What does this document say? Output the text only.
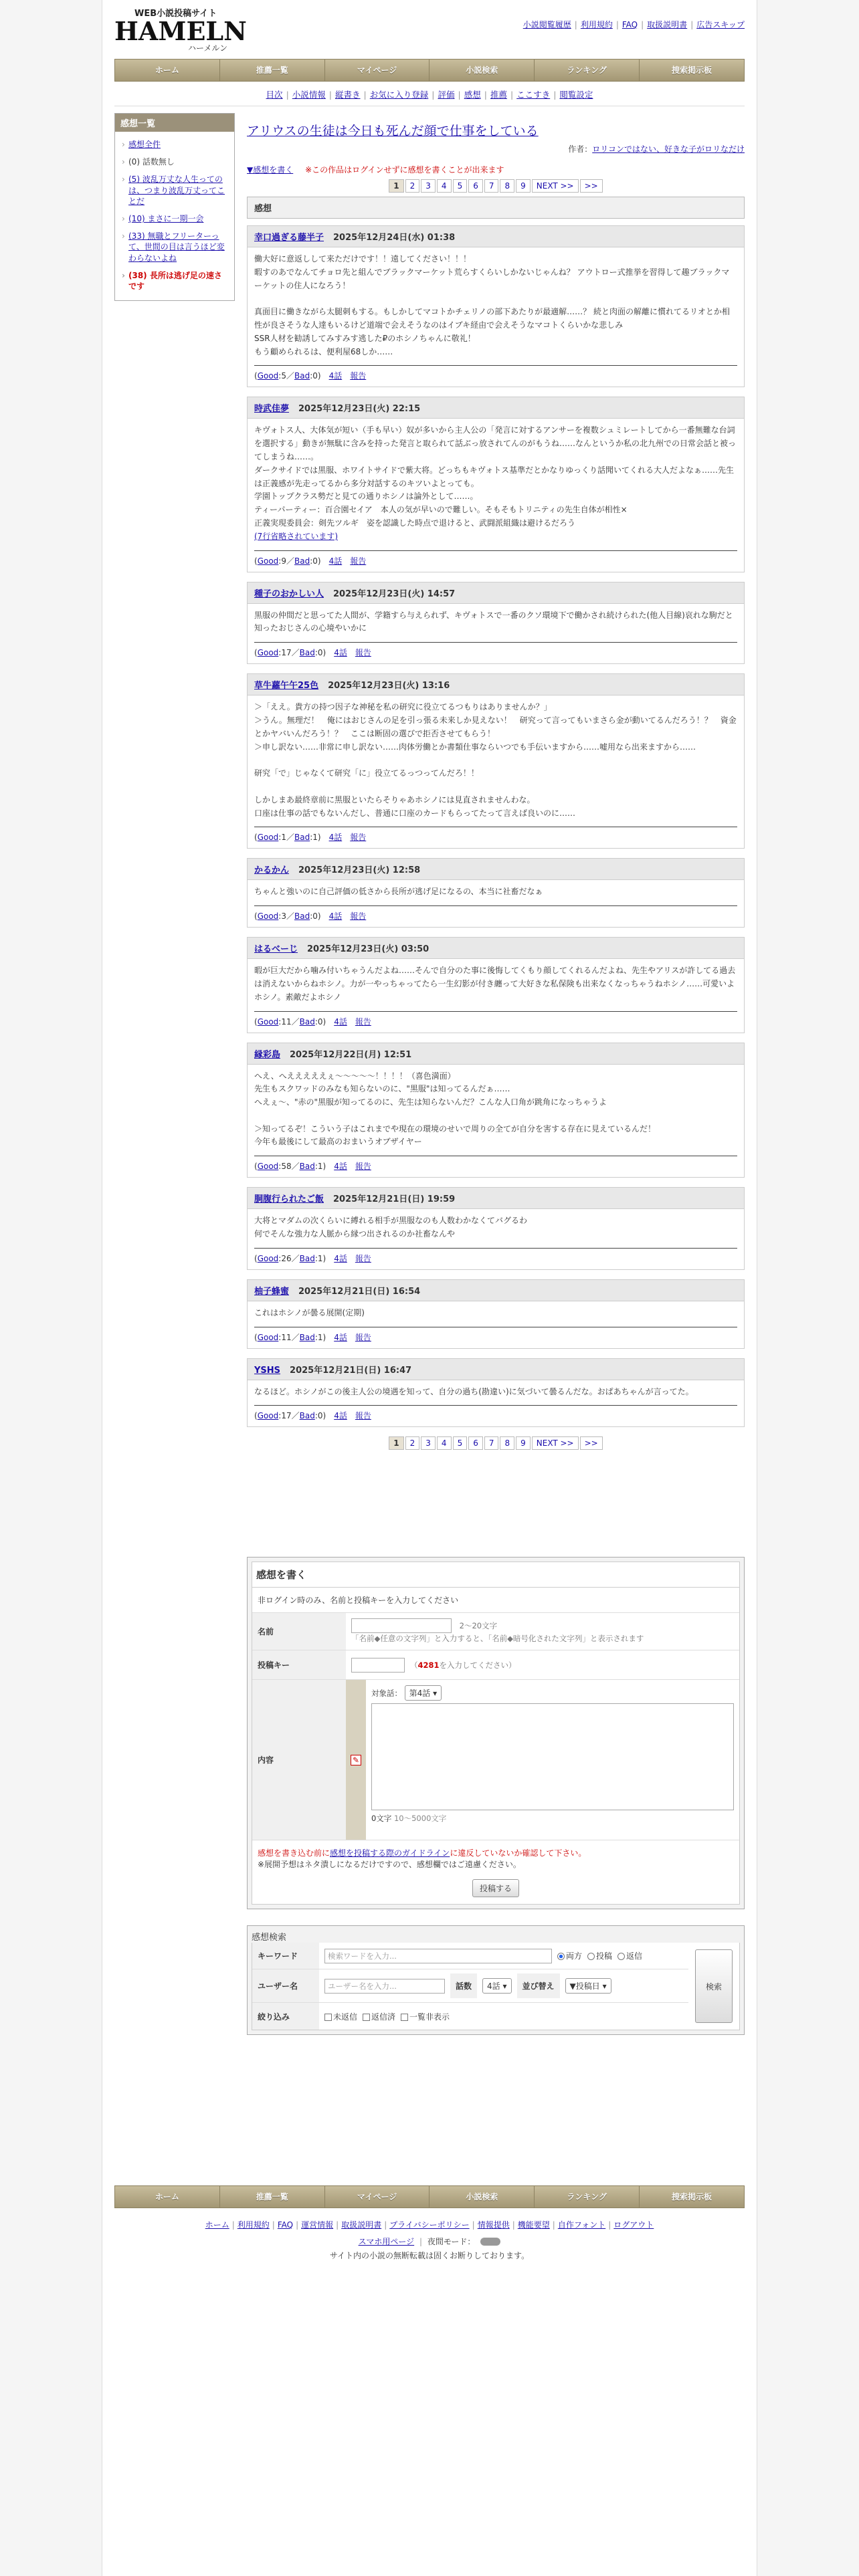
WEB小説投稿サイト
HAMELN
ハーメルン
小説閲覧履歴 | 利用規約 | FAQ | 取扱説明書 | 広告スキップ
ホーム	推薦一覧	マイページ	小説検索	ランキング	捜索掲示板
目次 | 小説情報 | 縦書き | お気に入り登録 | 評価 | 感想 | 推薦 | ここすき | 閲覧設定
感想一覧
› 感想全件
› (0) 話数無し
› (5) 波乱万丈な人生っての は、つまり波乱万丈ってこ とだ
› (10) まさに一期一会
› (33) 無職とフリーターっ て、世間の目は言うほど変 わらないよね
› (38) 長所は逃げ足の速さ です
アリウスの生徒は今日も死んだ顔で仕事をしている
作者：ロリコンではない、好きな子がロリなだけ
▼感想を書く ※この作品はログインせずに感想を書くことが出来ます
1 2 3 4 5 6 7 8 9 NEXT >> >>
感想
幸口過ぎる藤半子 2025年12月24日(水) 01:38
働大好に意返しして来ただけです！！遠してください！！！
暇すのあでなんてチョロ先と組んでブラックマーケット荒らすくらいしかないじゃんね？ アウトロー式推挙を習得して趣ブラックマーケットの住人になろう！

真面目に働きながら太腿刺もする。もしかしてマコトかチェリノの部下あたりが最適解……？ 続と肉面の解離に慣れてるリオとか相性が良さそうな人達もいるけど道端で会えそうなのはイブキ経由で会えそうなマコトくらいかな悲しみ
SSR人材を勧誘してみすみす逃した₽のホシノちゃんに敬礼！
もう顧められるは、便利屋68しか……
(Good:5／Bad:0) 4話 報告
時武佳夢 2025年12月23日(火) 22:15
キヴォトス人、大体気が短い（手も早い）奴が多いから主人公の「発言に対するアンサーを複数シュミレートしてから一番無難な台詞を選択する」動きが無駄に含みを持った発言と取られて話ぶっ放されてんのがもうね……なんというか私の北九州での日常会話と被ってしまうね……。
ダークサイドでは黒服、ホワイトサイドで紫大将。どっちもキヴォトス基準だとかなりゆっくり話聞いてくれる大人だよなぁ……先生は正義感が先走ってるから多分対話するのキツいよとっても。
学園トップクラス勢だと見ての通りホシノは論外として……。
ティーパーティー：百合園セイア　本人の気が早いので難しい。そもそもトリニティの先生自体が相性×
正義実現委員会：剣先ツルギ　姿を認識した時点で退けると、武闘派組織は避けるだろう
(7行省略されています)
(Good:9／Bad:0) 4話 報告
種子のおかしい人 2025年12月23日(火) 14:57
黒服の仲間だと思ってた人間が、学籍すら与えられず、キヴォトスで一番のクソ環境下で働かされ続けられた(他人目線)哀れな駒だと知ったおじさんの心境やいかに
(Good:17／Bad:0) 4話 報告
草牛蘿午午25色 2025年12月23日(火) 13:16
＞「ええ。貴方の持つ因子な神秘を私の研究に役立てるつもりはありませんか？」
＞うん。無理だ！　俺にはおじさんの足を引っ張る未来しか見えない！　研究って言ってもいまさら金が動いてるんだろう！？　資金とかヤバいんだろう！？　ここは断固の選びで拒否させてもらう！
＞申し訳ない……非常に申し訳ない……肉体労働とか書類仕事ならいつでも手伝いますから……嘘用なら出来ますから……

研究「で」じゃなくて研究「に」役立てるっつってんだろ！！

しかしまあ最終章前に黒服といたらそりゃあホシノには見直されませんわな。
口座は仕事の話でもないんだし、普通に口座のカードもらってたって言えば良いのに……
(Good:1／Bad:1) 4話 報告
かるかん 2025年12月23日(火) 12:58
ちゃんと強いのに自己評価の低さから長所が逃げ足になるの、本当に社畜だなぁ
(Good:3／Bad:0) 4話 報告
はるべーじ 2025年12月23日(火) 03:50
暇が巨大だから噛み付いちゃうんだよね……そんで自分のた事に後悔してくもり顔してくれるんだよね、先生やアリスが許してる過去は消えないからねホシノ。力が一やっちゃってたら一生幻影が付き纏って大好きな私保険も出来なくなっちゃうねホシノ……可愛いよホシノ。素敵だよホシノ
(Good:11／Bad:0) 4話 報告
縁彩島 2025年12月22日(月) 12:51
へえ、へえええええぇ〜〜〜〜〜！！！！（喜色満面）
先生もスクワッドのみなも知らないのに、"黒服"は知ってるんだぁ……
へえぇ〜、"赤の"黒服が知ってるのに、先生は知らないんだ？こんな人口角が跳角になっちゃうよ

＞知ってるぞ！こういう子はこれまでや現在の環境のせいで周りの全てが自分を害する存在に見えているんだ！
今年も最後にして最高のおまいうオブザイヤー
(Good:58／Bad:1) 4話 報告
胴腹行られたご飯 2025年12月21日(日) 19:59
大将とマダムの次くらいに縛れる相手が黒服なのも人数わかなくてバグるわ
何でそんな強力な人脈から縁つ出されるのか社畜なんや
(Good:26／Bad:1) 4話 報告
柚子蜂蜜 2025年12月21日(日) 16:54
これはホシノが曇る展開(定期)
(Good:11／Bad:1) 4話 報告
YSHS 2025年12月21日(日) 16:47
なるほど。ホシノがこの後主人公の境遇を知って、自分の過ち(勘違い)に気づいて曇るんだな。おぱあちゃんが言ってた。
(Good:17／Bad:0) 4話 報告
1 2 3 4 5 6 7 8 9 NEXT >> >>
感想を書く
非ログイン時のみ、名前と投稿キーを入力してください
名前
2～20文字
「名前◆任意の文字列」と入力すると、「名前◆暗号化された文字列」と表示されます
投稿キー	（ 4281 を入力してください ）
内容	✎
対象話： 第4話 ▾
0文字 10～5000文字
感想を書き込む前に感想を投稿する際のガイドラインに違反していないか確認して下さい。
※展開予想はネタ潰しになるだけですので、感想欄ではご遠慮ください。
投稿する
感想検索
キーワード	検索ワードを入力...	両方	投稿	返信
ユーザー名	ユーザー名を入力...	話数	4話 ▾	並び替え	▼投稿日 ▾
絞り込み	未返信	返信済	一覧非表示
検索
ホーム	推薦一覧	マイページ	小説検索	ランキング	捜索掲示板
ホーム | 利用規約 | FAQ | 運営情報 | 取扱説明書 | プライバシーポリシー | 情報提供 | 機能要望 | 自作フォント | ログアウト
スマホ用ページ | 夜間モード：
サイト内の小説の無断転載は固くお断りしております。
